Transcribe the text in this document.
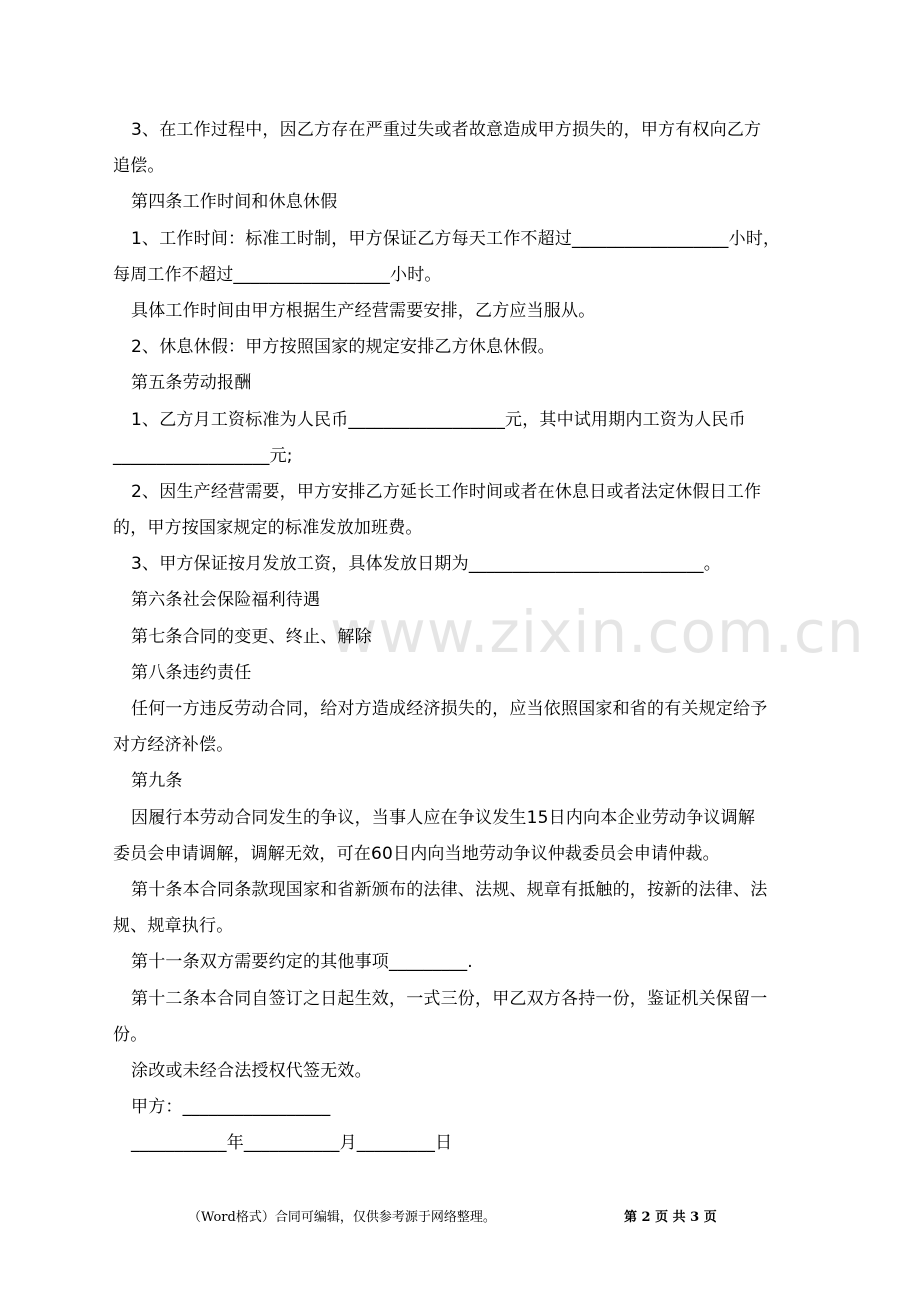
3、在工作过程中，因乙方存在严重过失或者故意造成甲方损失的，甲方有权向乙方
追偿。
第四条工作时间和休息休假
1、工作时间：标准工时制，甲方保证乙方每天工作不超过__________________小时，
每周工作不超过__________________小时。
具体工作时间由甲方根据生产经营需要安排，乙方应当服从。
2、休息休假：甲方按照国家的规定安排乙方休息休假。
第五条劳动报酬
1、乙方月工资标准为人民币__________________元，其中试用期内工资为人民币
__________________元;
2、因生产经营需要，甲方安排乙方延长工作时间或者在休息日或者法定休假日工作
的，甲方按国家规定的标准发放加班费。
3、甲方保证按月发放工资，具体发放日期为___________________________。
第六条社会保险福利待遇
第七条合同的变更、终止、解除
第八条违约责任
任何一方违反劳动合同，给对方造成经济损失的，应当依照国家和省的有关规定给予
对方经济补偿。
第九条
因履行本劳动合同发生的争议，当事人应在争议发生15日内向本企业劳动争议调解
委员会申请调解，调解无效，可在60日内向当地劳动争议仲裁委员会申请仲裁。
第十条本合同条款现国家和省新颁布的法律、法规、规章有抵触的，按新的法律、法
规、规章执行。
第十一条双方需要约定的其他事项_________.
第十二条本合同自签订之日起生效，一式三份，甲乙双方各持一份，鉴证机关保留一
份。
涂改或未经合法授权代签无效。
甲方：_________________
___________年___________月_________日
www.zixin.com.cn
（Word格式）合同可编辑，仅供参考源于网络整理。	第 2 页 共 3 页
